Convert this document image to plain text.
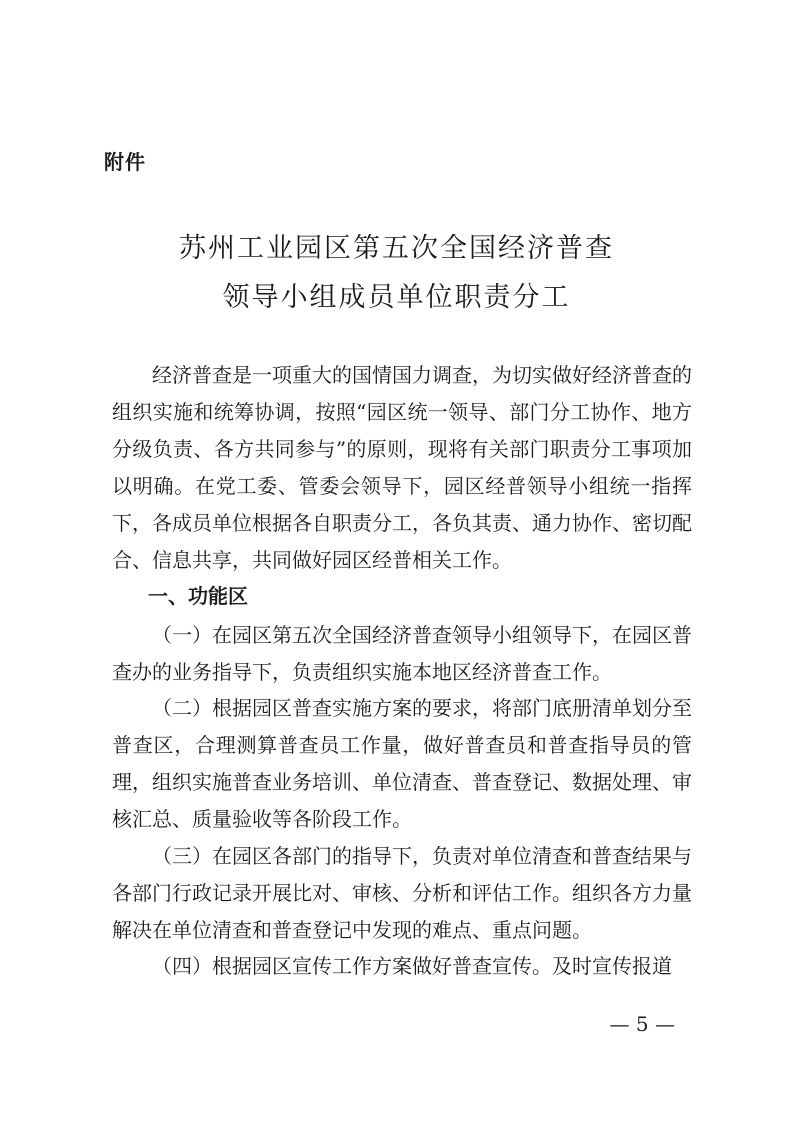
附件
苏州工业园区第五次全国经济普查
领导小组成员单位职责分工
经济普查是一项重大的国情国力调查，为切实做好经济普查的组织实施和统筹协调，按照“园区统一领导、部门分工协作、地方分级负责、各方共同参与”的原则，现将有关部门职责分工事项加以明确。在党工委、管委会领导下，园区经普领导小组统一指挥下，各成员单位根据各自职责分工，各负其责、通力协作、密切配合、信息共享，共同做好园区经普相关工作。
一、功能区
（一）在园区第五次全国经济普查领导小组领导下，在园区普查办的业务指导下，负责组织实施本地区经济普查工作。
（二）根据园区普查实施方案的要求，将部门底册清单划分至普查区，合理测算普查员工作量，做好普查员和普查指导员的管理，组织实施普查业务培训、单位清查、普查登记、数据处理、审核汇总、质量验收等各阶段工作。
（三）在园区各部门的指导下，负责对单位清查和普查结果与各部门行政记录开展比对、审核、分析和评估工作。组织各方力量解决在单位清查和普查登记中发现的难点、重点问题。
（四）根据园区宣传工作方案做好普查宣传。及时宣传报道
— 5 —
